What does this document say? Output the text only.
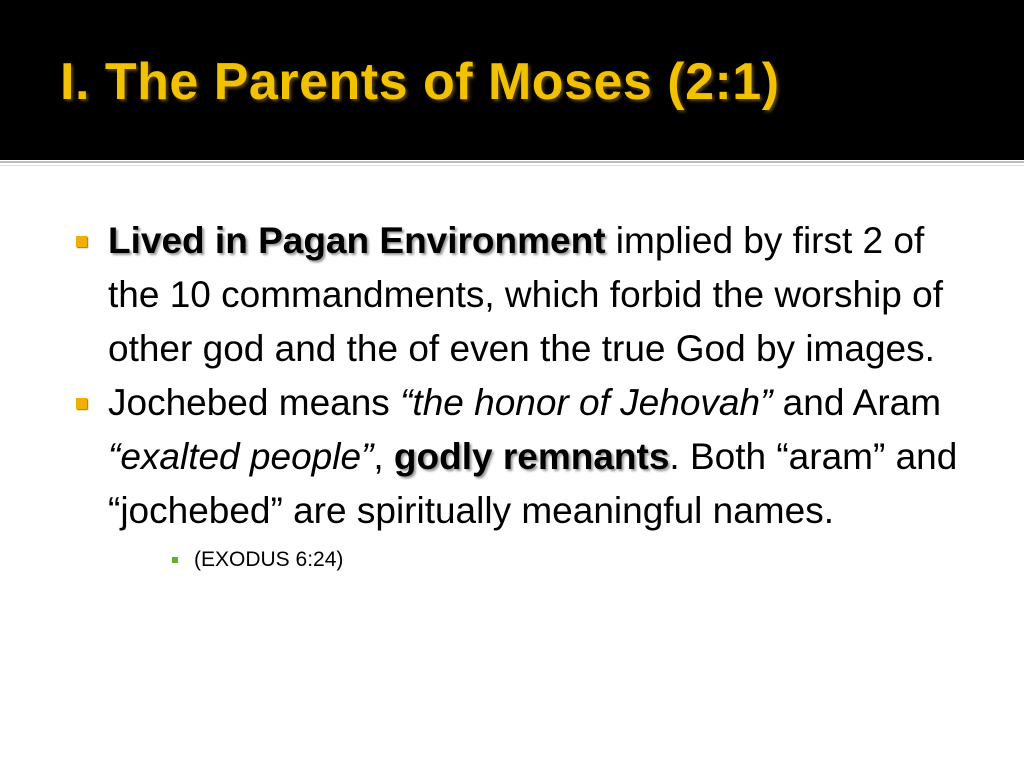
I. The Parents of Moses (2:1)
Lived in Pagan Environment implied by first 2 of the 10 commandments, which forbid the worship of other god and the of even the true God by images.
Jochebed means “the honor of Jehovah” and Aram “exalted people”, godly remnants. Both “aram” and “jochebed” are spiritually meaningful names.
(EXODUS 6:24)
